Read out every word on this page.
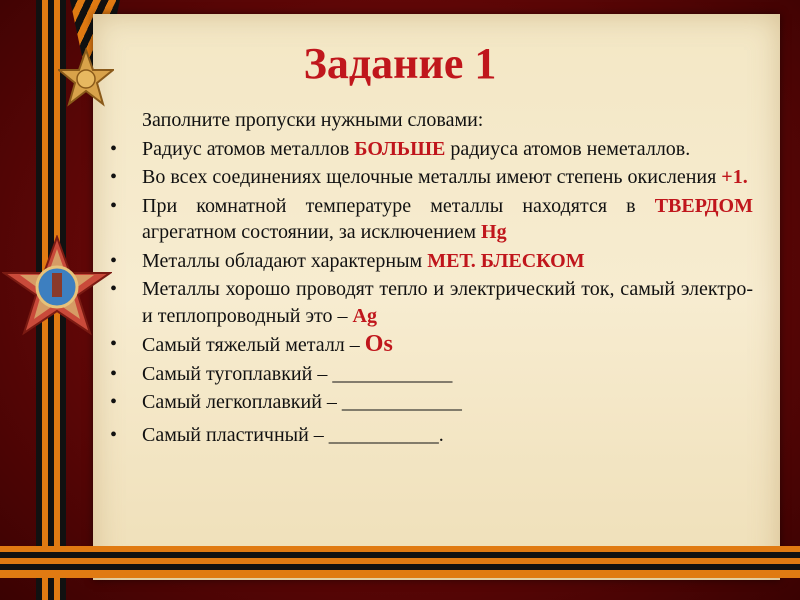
Задание 1
Заполните пропуски нужными словами:
• Радиус атомов металлов БОЛЬШЕ радиуса атомов неметаллов.
• Во всех соединениях щелочные металлы имеют степень окисления +1.
• При комнатной температуре металлы находятся в ТВЕРДОМ агрегатном состоянии, за исключением Hg
• Металлы обладают характерным МЕТ. БЛЕСКОМ
• Металлы хорошо проводят тепло и электрический ток, самый электро- и теплопроводный это – Ag
• Самый тяжелый металл – Os
• Самый тугоплавкий – ____________
• Самый легкоплавкий – ____________
• Самый пластичный – ___________.
